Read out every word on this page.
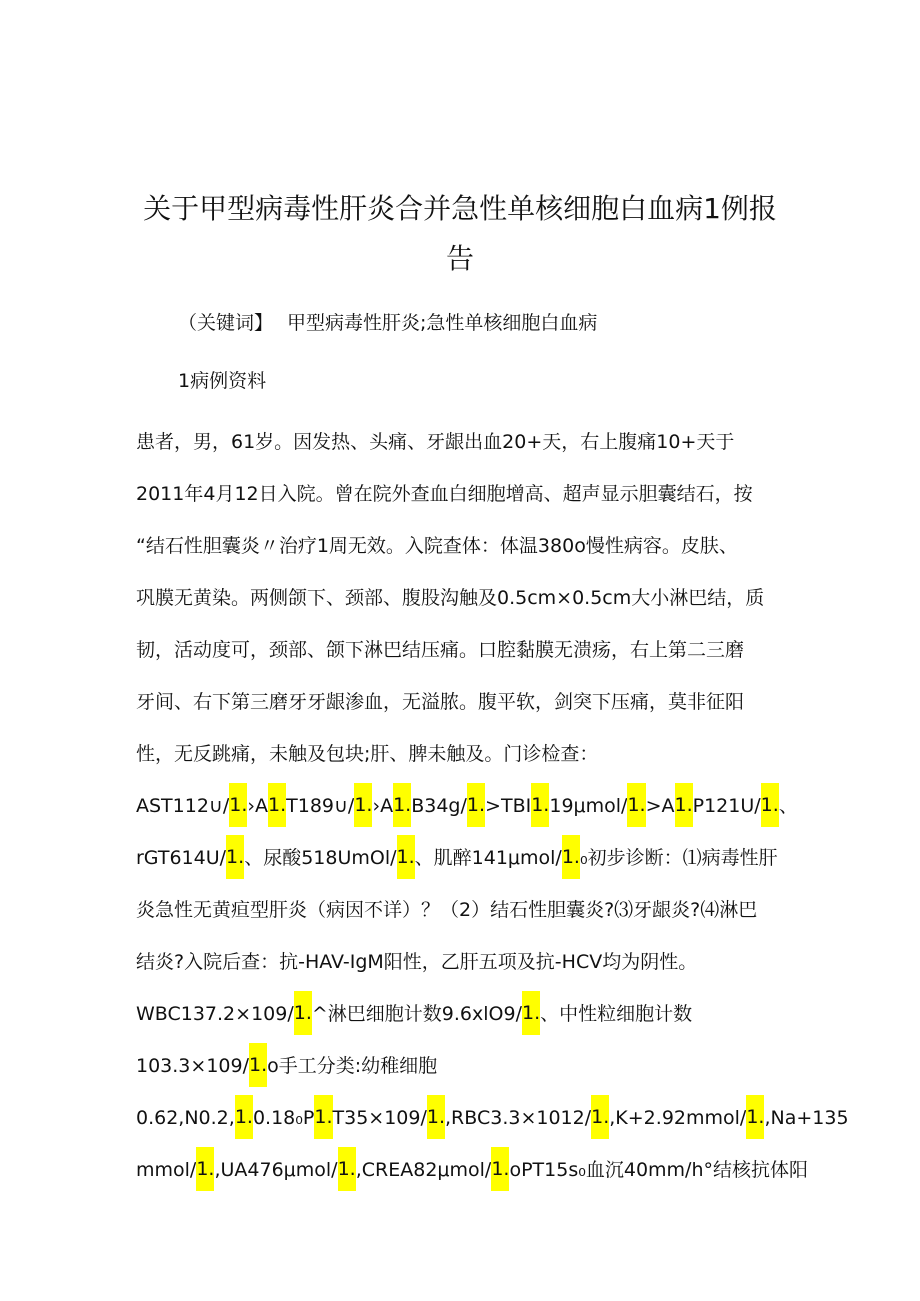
关于甲型病毒性肝炎合并急性单核细胞白血病1例报
告
（关键词】 甲型病毒性肝炎;急性单核细胞白血病
1病例资料
患者，男，61岁。因发热、头痛、牙龈出血20+天，右上腹痛10+天于
2011年4月12日入院。曾在院外查血白细胞增高、超声显示胆囊结石，按
“结石性胆囊炎〃治疗1周无效。入院查体：体温380o慢性病容。皮肤、
巩膜无黄染。两侧颌下、颈部、腹股沟触及0.5cm×0.5cm大小淋巴结，质
韧，活动度可，颈部、颌下淋巴结压痛。口腔黏膜无溃疡，右上第二三磨
牙间、右下第三磨牙牙龈渗血，无溢脓。腹平软，剑突下压痛，莫非征阳
性，无反跳痛，未触及包块;肝、脾未触及。门诊检查：
AST112∪∕1.›A1.T189∪∕1.›A1.B34g∕1.>TBI1.19μmol∕1.>A1.P121U∕1.、
rGT614U∕1.、尿酸518UmOl∕1.、肌醉141μmol∕1.₀初步诊断：⑴病毒性肝
炎急性无黄疸型肝炎（病因不详）？（2）结石性胆囊炎?⑶牙龈炎?⑷淋巴
结炎?入院后查：抗-HAV-IgM阳性，乙肝五项及抗-HCV均为阴性。
WBC137.2×109∕1.^淋巴细胞计数9.6xlO9∕1.、中性粒细胞计数
103.3×109∕1.o手工分类:幼稚细胞
0.62,N0.2,1.0.18₀P1.T35×109∕1.,RBC3.3×1012∕1.,K+2.92mmol∕1.,Na+135
mmol∕1.,UA476μmol∕1.,CREA82μmol∕1.oPT15s₀血沉40mm∕h°结核抗体阳
